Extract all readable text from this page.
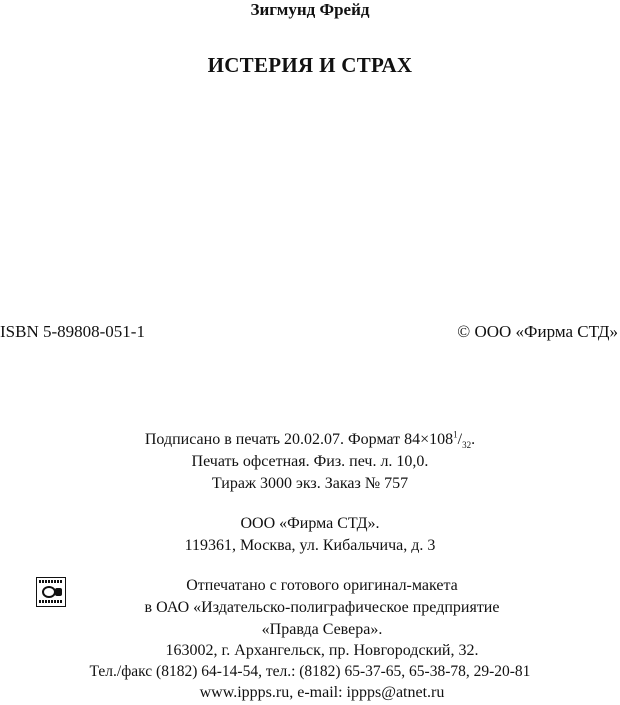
Зигмунд Фрейд
ИСТЕРИЯ И СТРАХ
ISBN 5-89808-051-1	© ООО «Фирма СТД»
Подписано в печать 20.02.07. Формат $84\times 108^1/_{32}$.
Печать офсетная. Физ. печ. л. 10,0.
Тираж 3000 экз. Заказ № 757
ООО «Фирма СТД».
119361, Москва, ул. Кибальчича, д. 3
Отпечатано с готового оригинал-макета
в ОАО «Издательско-полиграфическое предприятие
«Правда Севера».
163002, г. Архангельск, пр. Новгородский, 32.
Тел./факс (8182) 64-14-54, тел.: (8182) 65-37-65, 65-38-78, 29-20-81
www.ippps.ru, e-mail: ippps@atnet.ru
